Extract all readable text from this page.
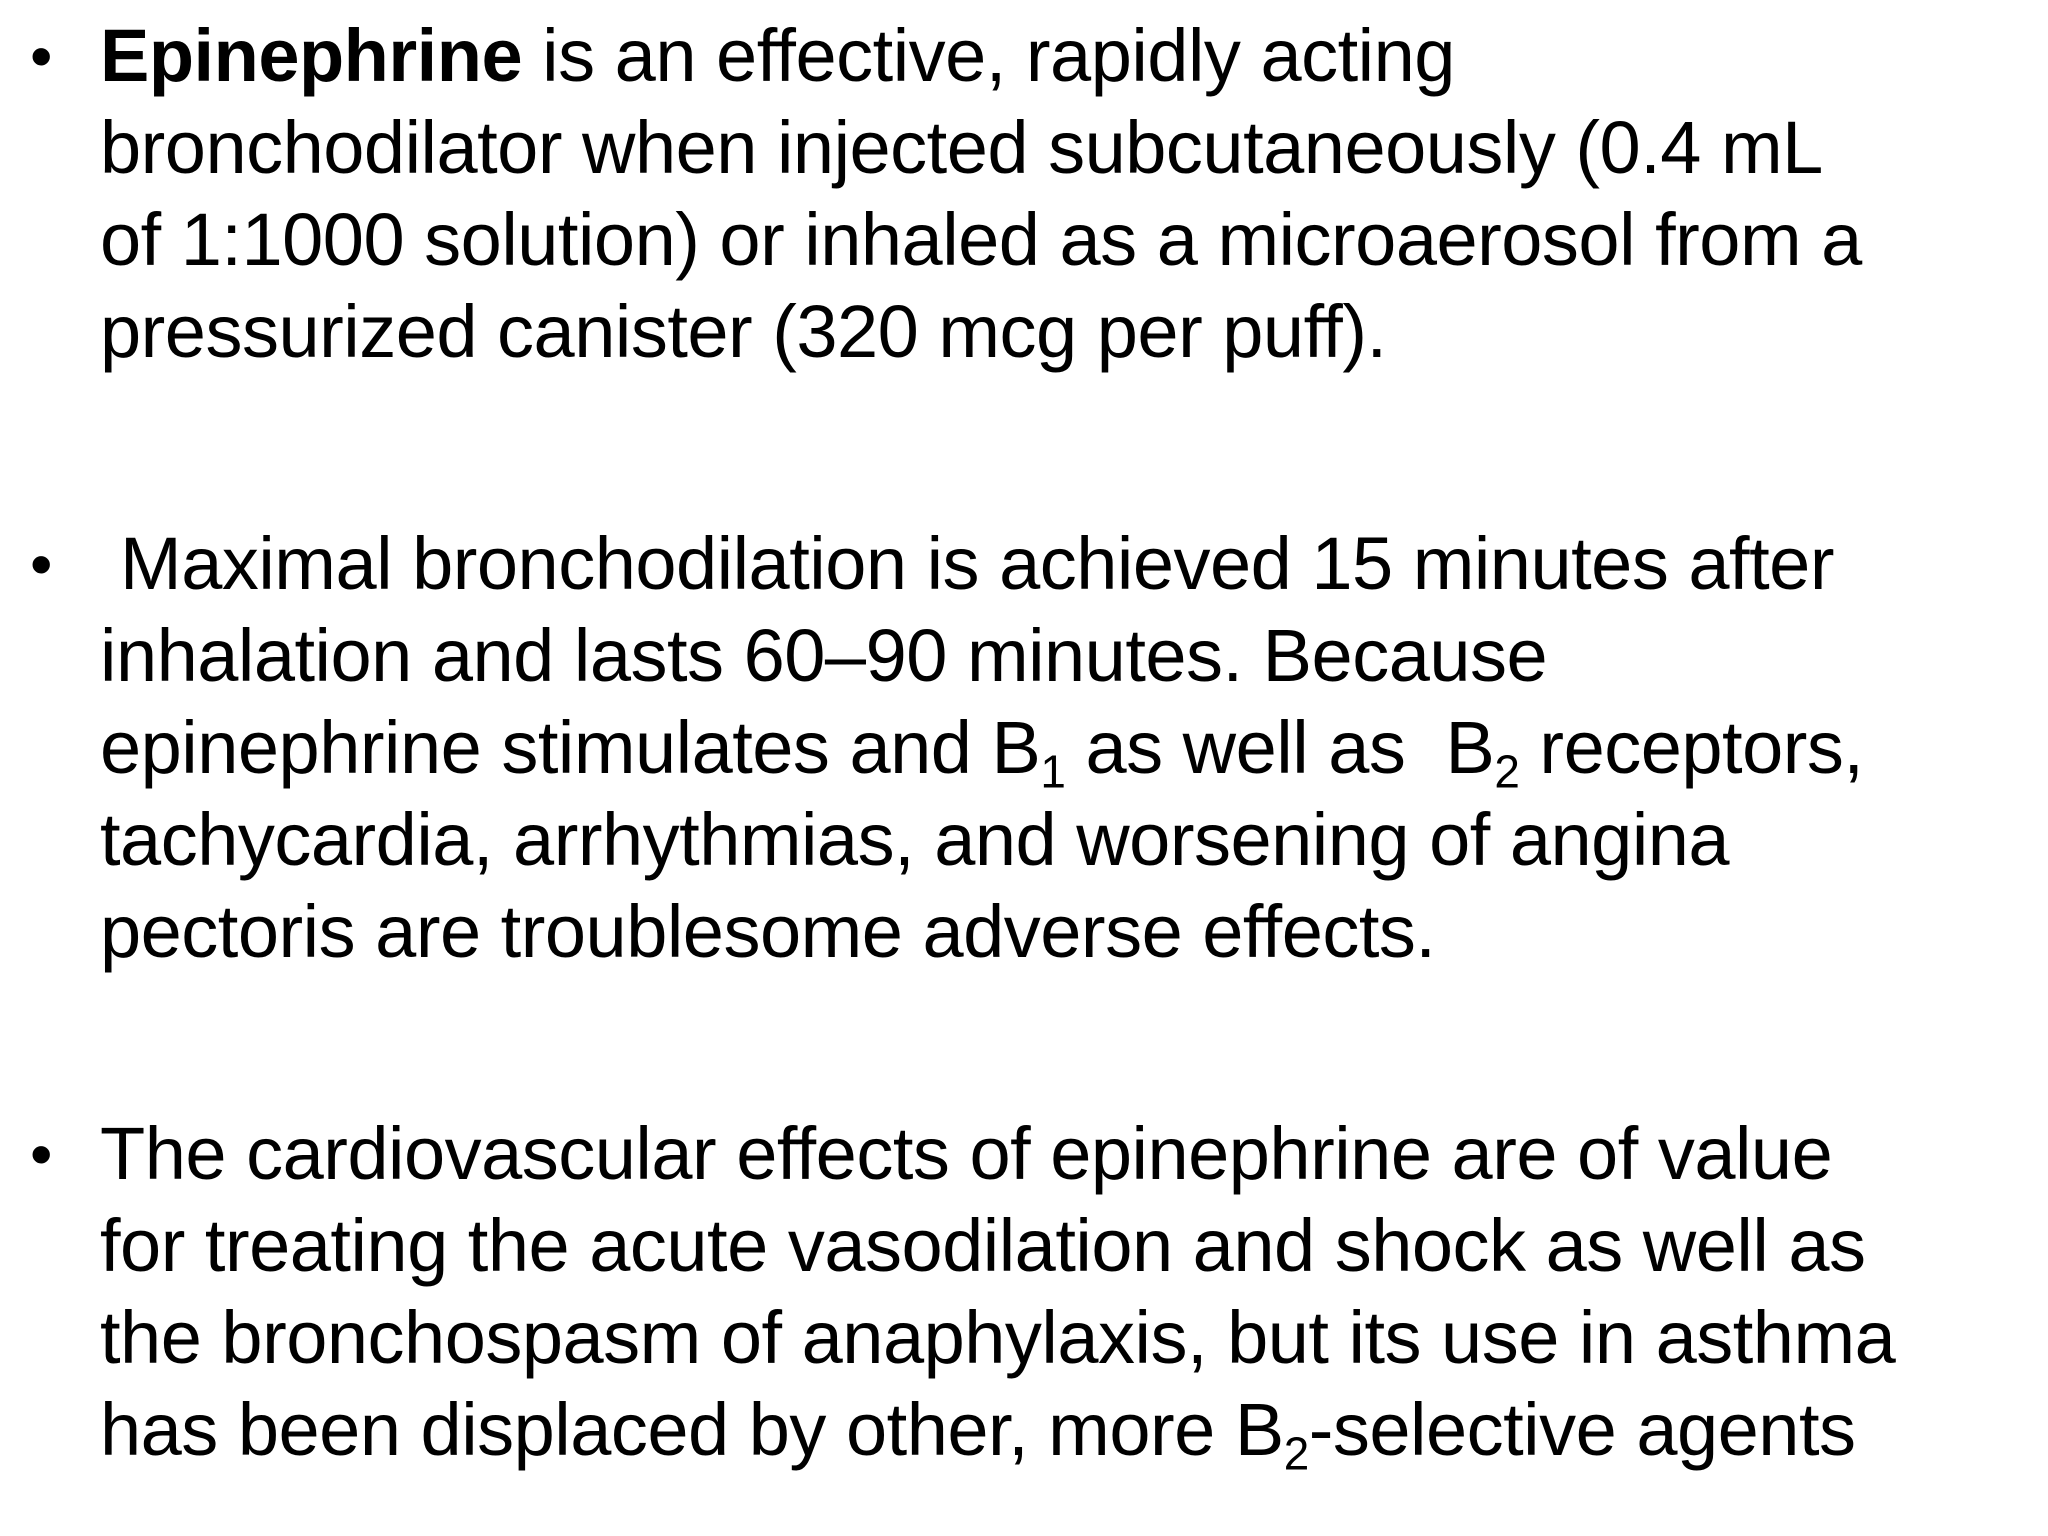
• Epinephrine is an effective, rapidly acting
bronchodilator when injected subcutaneously (0.4 mL
of 1:1000 solution) or inhaled as a microaerosol from a
pressurized canister (320 mcg per puff).
• Maximal bronchodilation is achieved 15 minutes after
inhalation and lasts 60–90 minutes. Because
epinephrine stimulates and $B_1$ as well as  $B_2$ receptors,
tachycardia, arrhythmias, and worsening of angina
pectoris are troublesome adverse effects.
• The cardiovascular effects of epinephrine are of value
for treating the acute vasodilation and shock as well as
the bronchospasm of anaphylaxis, but its use in asthma
has been displaced by other, more $B_2$-selective agents
